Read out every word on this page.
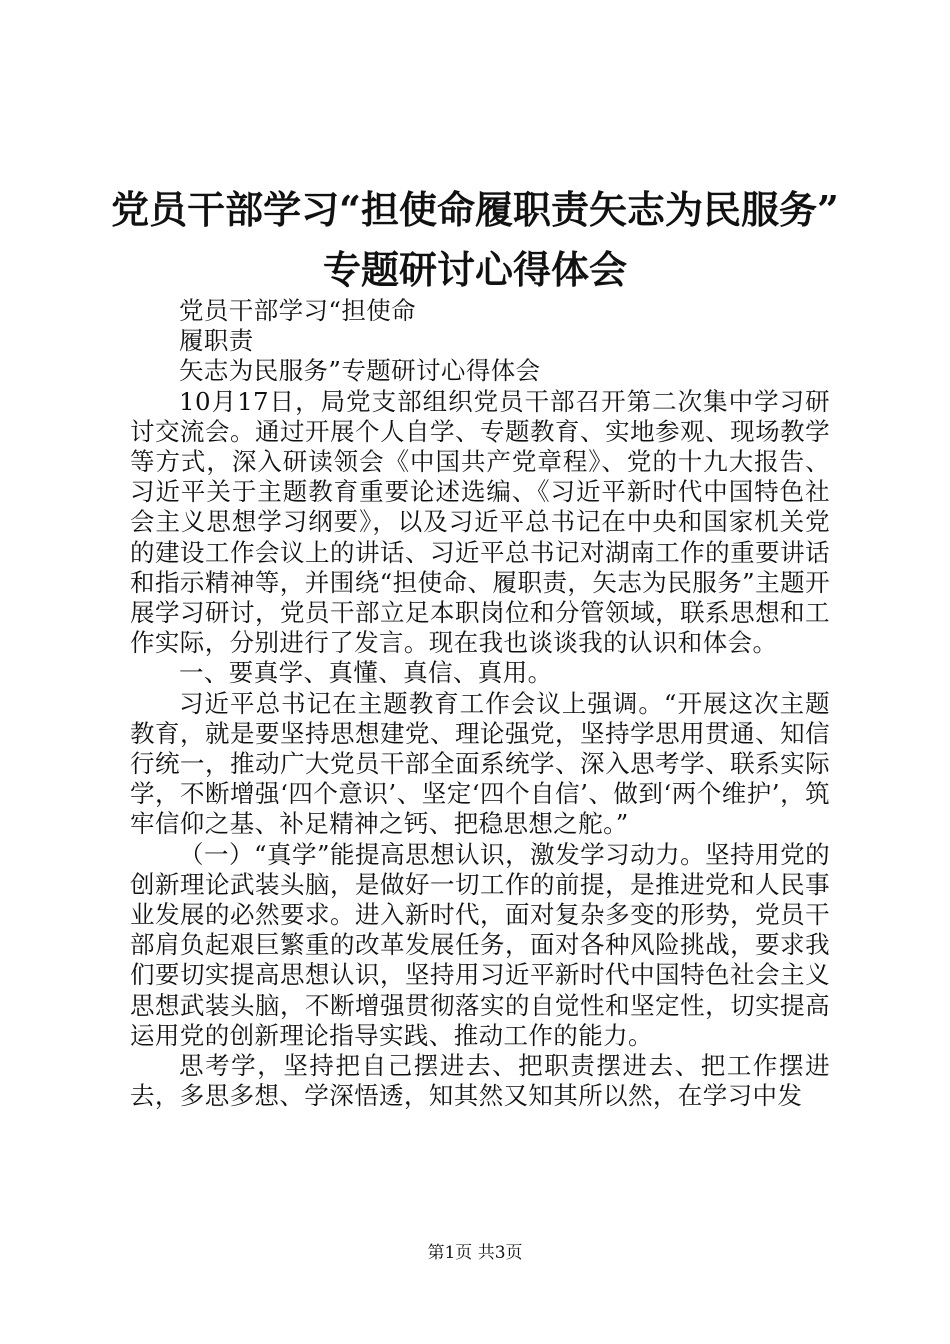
党员干部学习“担使命履职责矢志为民服务”
专题研讨心得体会

党员干部学习“担使命

履职责

矢志为民服务”专题研讨心得体会

10月17日，局党支部组织党员干部召开第二次集中学习研讨交流会。通过开展个人自学、专题教育、实地参观、现场教学等方式，深入研读领会《中国共产党章程》、党的十九大报告、习近平关于主题教育重要论述选编、《习近平新时代中国特色社会主义思想学习纲要》，以及习近平总书记在中央和国家机关党的建设工作会议上的讲话、习近平总书记对湖南工作的重要讲话和指示精神等，并围绕“担使命、履职责，矢志为民服务”主题开展学习研讨，党员干部立足本职岗位和分管领域，联系思想和工作实际，分别进行了发言。现在我也谈谈我的认识和体会。

一、要真学、真懂、真信、真用。

习近平总书记在主题教育工作会议上强调。“开展这次主题教育，就是要坚持思想建党、理论强党，坚持学思用贯通、知信行统一，推动广大党员干部全面系统学、深入思考学、联系实际学，不断增强‘四个意识’、坚定‘四个自信’、做到‘两个维护’，筑牢信仰之基、补足精神之钙、把稳思想之舵。”

（一）“真学”能提高思想认识，激发学习动力。坚持用党的创新理论武装头脑，是做好一切工作的前提，是推进党和人民事业发展的必然要求。进入新时代，面对复杂多变的形势，党员干部肩负起艰巨繁重的改革发展任务，面对各种风险挑战，要求我们要切实提高思想认识，坚持用习近平新时代中国特色社会主义思想武装头脑，不断增强贯彻落实的自觉性和坚定性，切实提高运用党的创新理论指导实践、推动工作的能力。

思考学，坚持把自己摆进去、把职责摆进去、把工作摆进去，多思多想、学深悟透，知其然又知其所以然，在学习中发

第1页 共3页
